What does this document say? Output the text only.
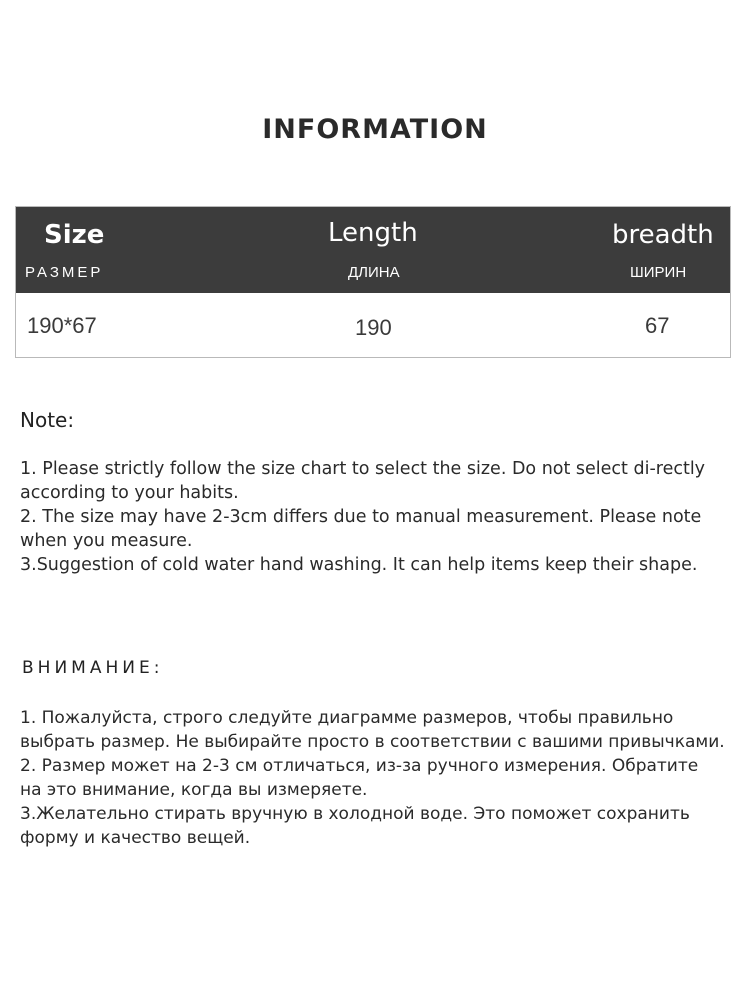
INFORMATION
Size
РАЗМЕР
Length
ДЛИНА
breadth
ШИРИН
190*67	190	67
Note:

1. Please strictly follow the size chart to select the size. Do not select di-rectly according to your habits.

2. The size may have 2-3cm differs due to manual measurement. Please note when you measure.

3.Suggestion of cold water hand washing. It can help items keep their shape.

ВНИМАНИЕ:

1. Пожалуйста, строго следуйте диаграмме размеров, чтобы правильно выбрать размер. Не выбирайте просто в соответствии с вашими привычками.

2. Размер может на 2-3 см отличаться, из-за ручного измерения. Обратите на это внимание, когда вы измеряете.

3.Желательно стирать вручную в холодной воде. Это поможет сохранить форму и качество вещей.
